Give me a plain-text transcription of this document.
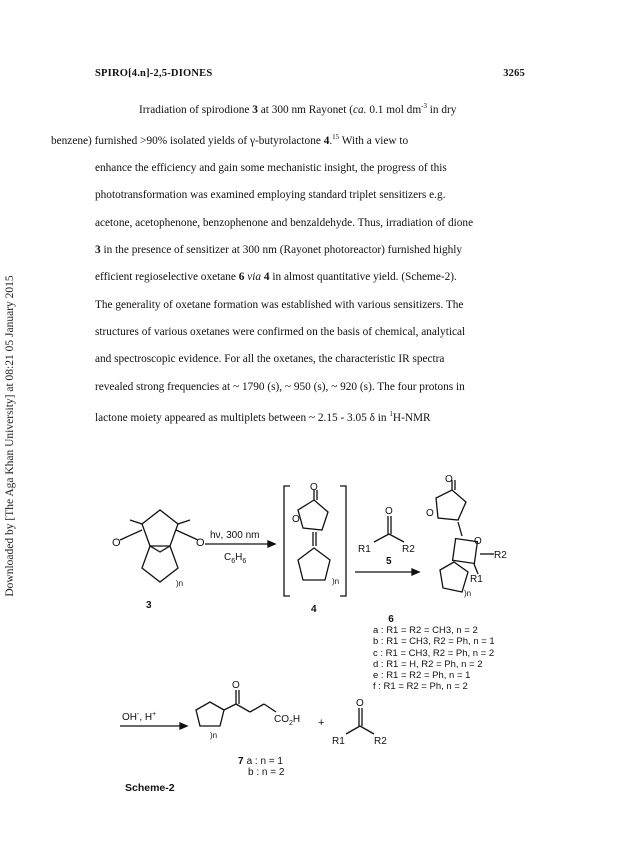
Downloaded by [The Aga Khan University] at 08:21 05 January 2015
SPIRO[4.n]-2,5-DIONES	3265

Irradiation of spirodione 3 at 300 nm Rayonet (ca. 0.1 mol $dm^{-3}$ in dry
benzene) furnished >90% isolated yields of γ-butyrolactone 4.15 With a view to
enhance the efficiency and gain some mechanistic insight, the progress of this
phototransformation was examined employing standard triplet sensitizers e.g.
acetone, acetophenone, benzophenone and benzaldehyde. Thus, irradiation of dione
3 in the presence of sensitizer at 300 nm (Rayonet photoreactor) furnished highly
efficient regioselective oxetane 6 via 4 in almost quantitative yield. (Scheme-2).
The generality of oxetane formation was established with various sensitizers. The
structures of various oxetanes were confirmed on the basis of chemical, analytical
and spectroscopic evidence. For all the oxetanes, the characteristic IR spectra
revealed strong frequencies at ~ 1790 (s), ~ 950 (s), ~ 920 (s). The four protons in
lactone moiety appeared as multiplets between ~ 2.15 - 3.05 δ in $^1$H-NMR

O	O
)n
3
hν, 300 nm
$C_6H_6$
O
O
)n
4
O
R1	R2
5
O
O
O
R2
R1
)n
OH-, H+
O
$CO_2H$
)n
+
O
R1	R2
6
a : R1 = R2 = CH3, n = 2
b : R1 = CH3, R2 = Ph, n = 1
c : R1 = CH3, R2 = Ph, n = 2
d : R1 = H, R2 = Ph, n = 2
e : R1 = R2 = Ph, n = 1
f : R1 = R2 = Ph, n = 2
7 a : n = 1
b : n = 2
Scheme-2
